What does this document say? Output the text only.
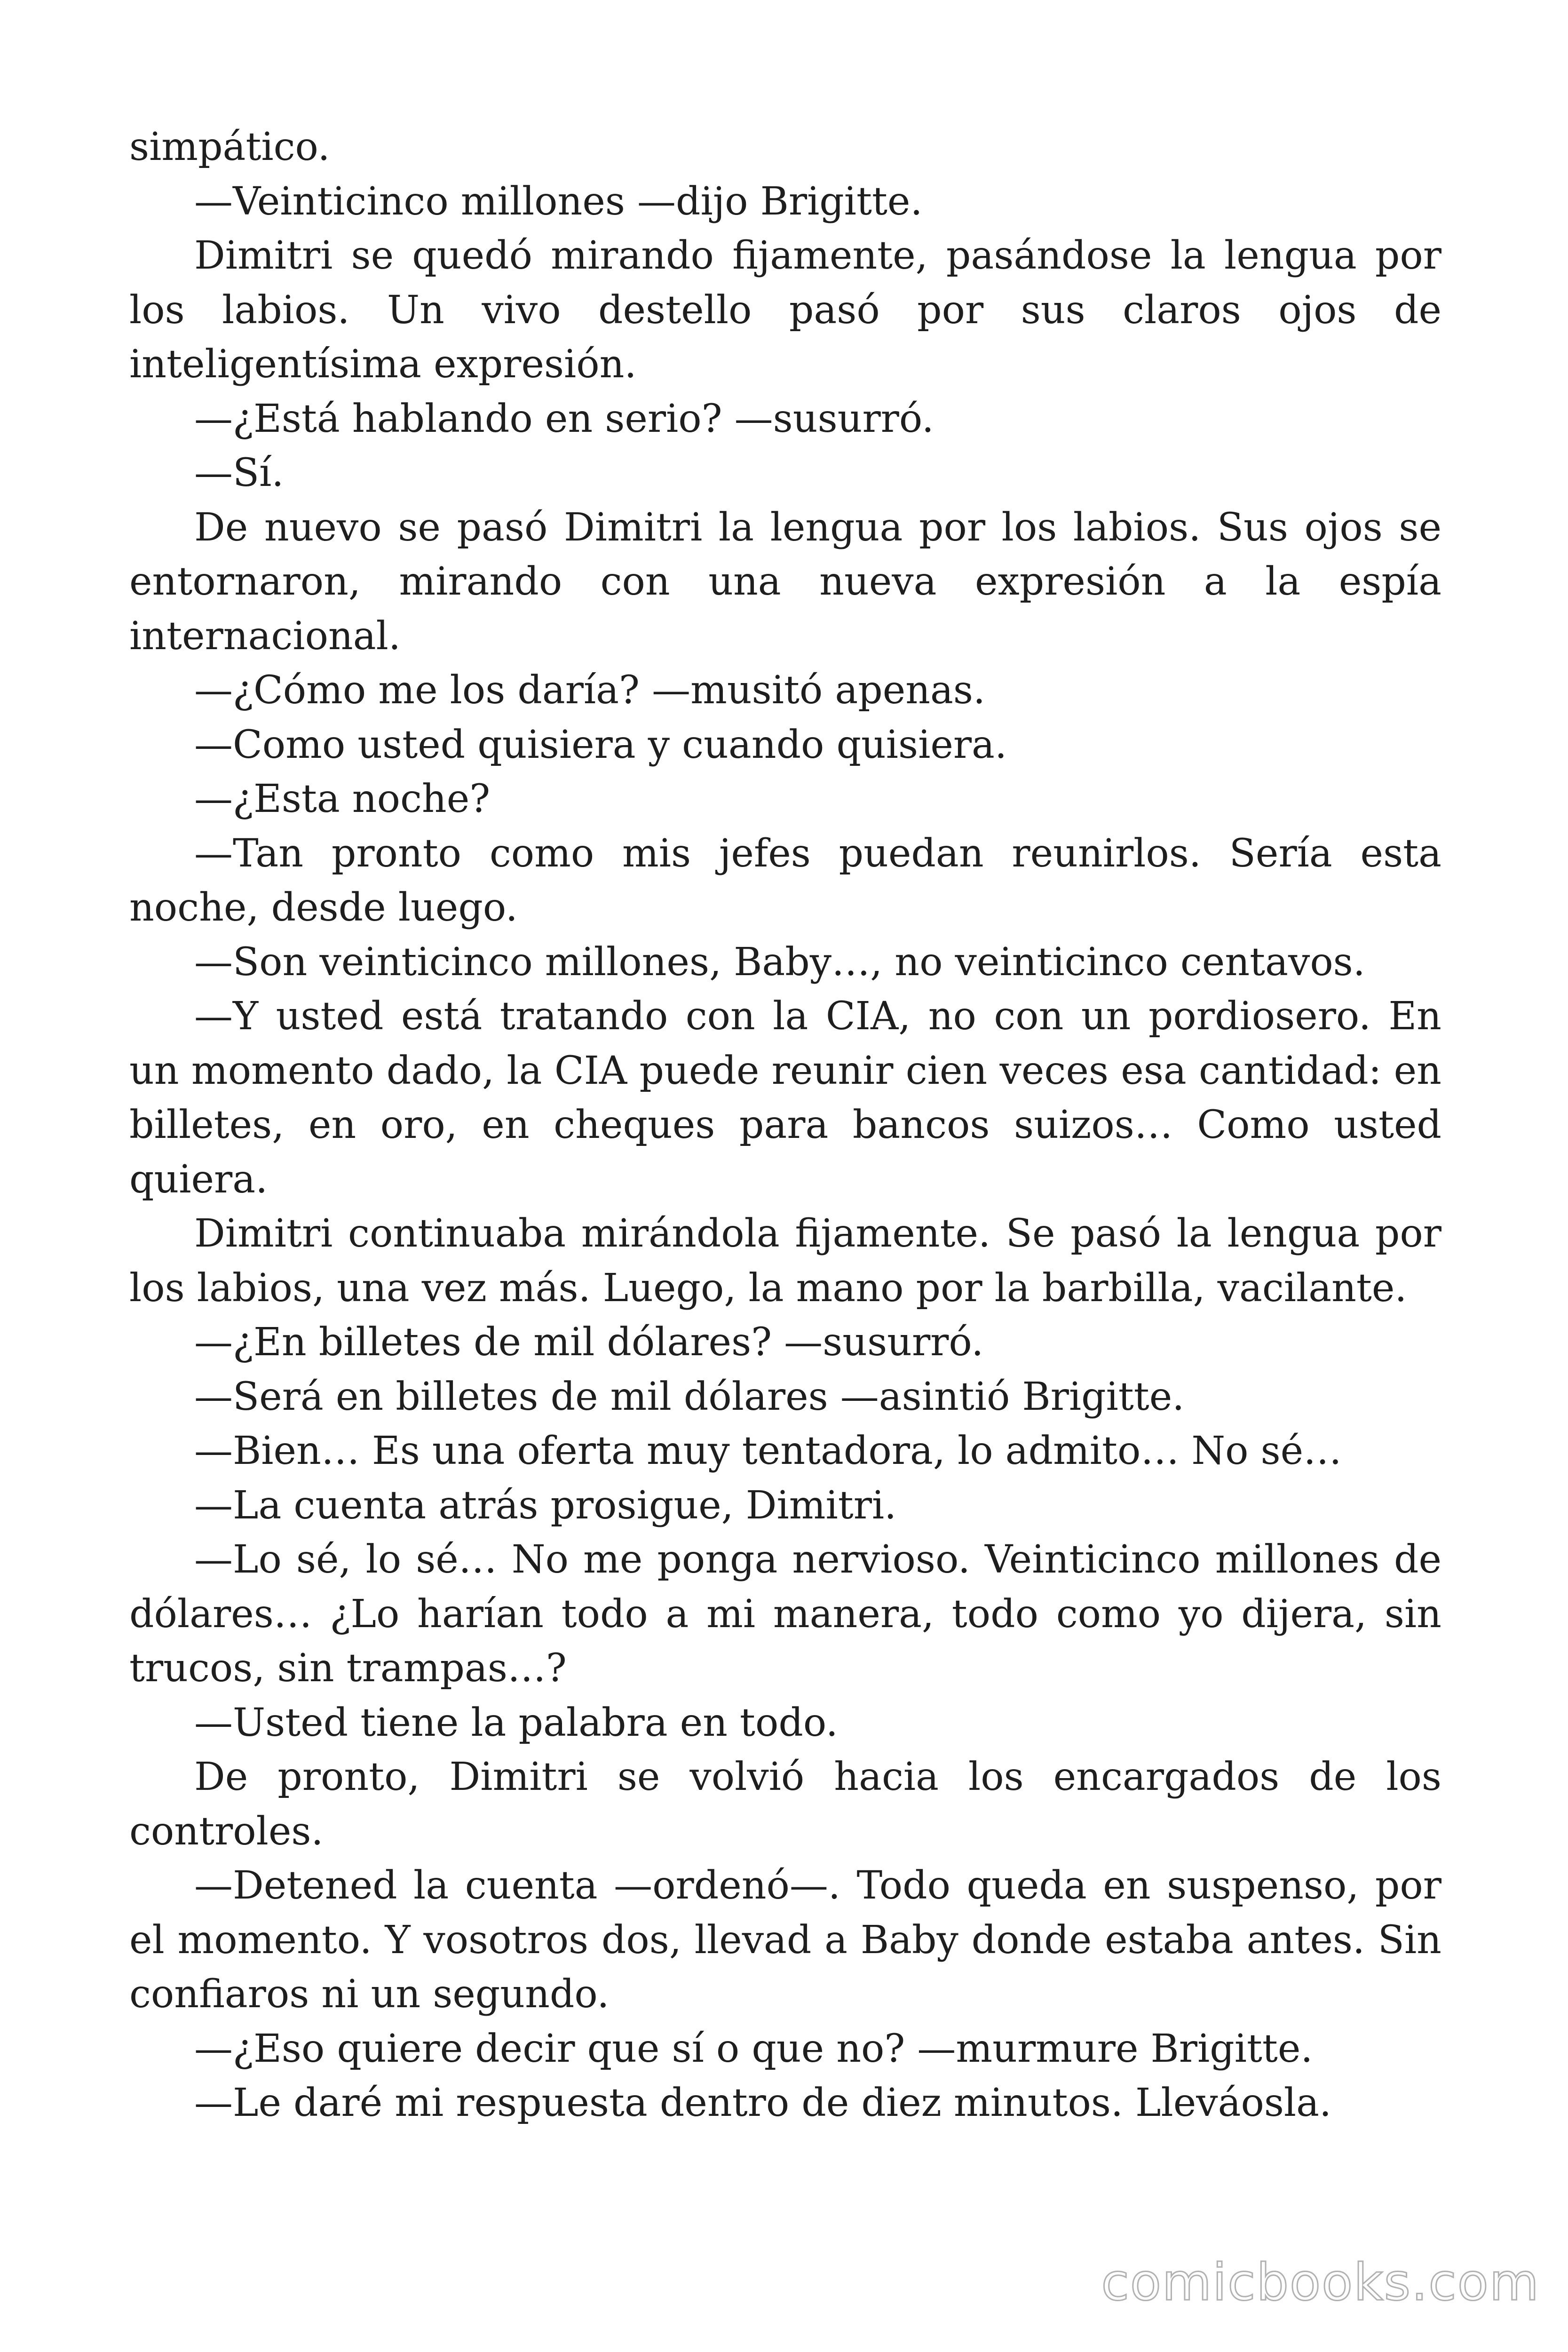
simpático.

—Veinticinco millones —dijo Brigitte.

Dimitri se quedó mirando fijamente, pasándose la lengua por los labios. Un vivo destello pasó por sus claros ojos de inteligentísima expresión.

—¿Está hablando en serio? —susurró.

—Sí.

De nuevo se pasó Dimitri la lengua por los labios. Sus ojos se entornaron, mirando con una nueva expresión a la espía internacional.

—¿Cómo me los daría? —musitó apenas.

—Como usted quisiera y cuando quisiera.

—¿Esta noche?

—Tan pronto como mis jefes puedan reunirlos. Sería esta noche, desde luego.

—Son veinticinco millones, Baby…, no veinticinco centavos.

—Y usted está tratando con la CIA, no con un pordiosero. En un momento dado, la CIA puede reunir cien veces esa cantidad: en billetes, en oro, en cheques para bancos suizos… Como usted quiera.

Dimitri continuaba mirándola fijamente. Se pasó la lengua por los labios, una vez más. Luego, la mano por la barbilla, vacilante.

—¿En billetes de mil dólares? —susurró.

—Será en billetes de mil dólares —asintió Brigitte.

—Bien… Es una oferta muy tentadora, lo admito… No sé…

—La cuenta atrás prosigue, Dimitri.

—Lo sé, lo sé… No me ponga nervioso. Veinticinco millones de dólares… ¿Lo harían todo a mi manera, todo como yo dijera, sin trucos, sin trampas…?

—Usted tiene la palabra en todo.

De pronto, Dimitri se volvió hacia los encargados de los controles.

—Detened la cuenta —ordenó—. Todo queda en suspenso, por el momento. Y vosotros dos, llevad a Baby donde estaba antes. Sin confiaros ni un segundo.

—¿Eso quiere decir que sí o que no? —murmure Brigitte.

—Le daré mi respuesta dentro de diez minutos. Lleváosla.

comicbooks.com
